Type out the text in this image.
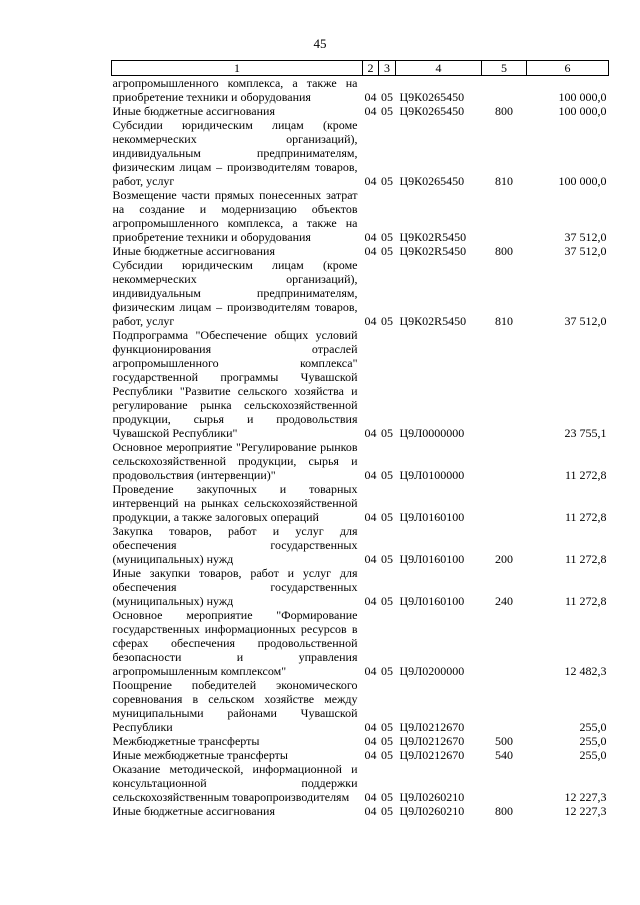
45
1	2	3	4	5	6
агропромышленного комплекса, а также на приобретение техники и оборудования	04	05	Ц9К0265450		100 000,0
Иные бюджетные ассигнования	04	05	Ц9К0265450	800	100 000,0
Субсидии юридическим лицам (кроме некоммерческих организаций), индивидуальным предпринимателям, физическим лицам – производителям товаров, работ, услуг	04	05	Ц9К0265450	810	100 000,0
Возмещение части прямых понесенных затрат на создание и модернизацию объектов агропромышленного комплекса, а также на приобретение техники и оборудования	04	05	Ц9К02R5450		37 512,0
Иные бюджетные ассигнования	04	05	Ц9К02R5450	800	37 512,0
Субсидии юридическим лицам (кроме некоммерческих организаций), индивидуальным предпринимателям, физическим лицам – производителям товаров, работ, услуг	04	05	Ц9К02R5450	810	37 512,0
Подпрограмма "Обеспечение общих условий функционирования отраслей агропромышленного комплекса" государственной программы Чувашской Республики "Развитие сельского хозяйства и регулирование рынка сельскохозяйственной продукции, сырья и продовольствия Чувашской Республики"	04	05	Ц9Л0000000		23 755,1
Основное мероприятие "Регулирование рынков сельскохозяйственной продукции, сырья и продовольствия (интервенции)"	04	05	Ц9Л0100000		11 272,8
Проведение закупочных и товарных интервенций на рынках сельскохозяйственной продукции, а также залоговых операций	04	05	Ц9Л0160100		11 272,8
Закупка товаров, работ и услуг для обеспечения государственных (муниципальных) нужд	04	05	Ц9Л0160100	200	11 272,8
Иные закупки товаров, работ и услуг для обеспечения государственных (муниципальных) нужд	04	05	Ц9Л0160100	240	11 272,8
Основное мероприятие "Формирование государственных информационных ресурсов в сферах обеспечения продовольственной безопасности и управления агропромышленным комплексом"	04	05	Ц9Л0200000		12 482,3
Поощрение победителей экономического соревнования в сельском хозяйстве между муниципальными районами Чувашской Республики	04	05	Ц9Л0212670		255,0
Межбюджетные трансферты	04	05	Ц9Л0212670	500	255,0
Иные межбюджетные трансферты	04	05	Ц9Л0212670	540	255,0
Оказание методической, информационной и консультационной поддержки сельскохозяйственным товаропроизводителям	04	05	Ц9Л0260210		12 227,3
Иные бюджетные ассигнования	04	05	Ц9Л0260210	800	12 227,3
